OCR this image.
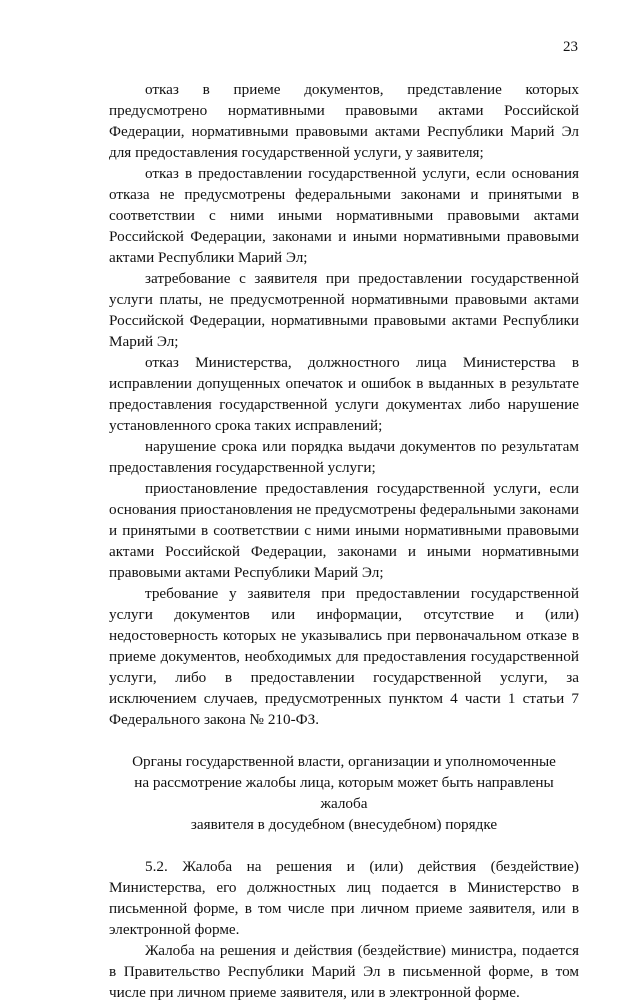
23

отказ в приеме документов, представление которых предусмотрено нормативными правовыми актами Российской Федерации, нормативными правовыми актами Республики Марий Эл для предоставления государственной услуги, у заявителя;

отказ в предоставлении государственной услуги, если основания отказа не предусмотрены федеральными законами и принятыми в соответствии с ними иными нормативными правовыми актами Российской Федерации, законами и иными нормативными правовыми актами Республики Марий Эл;

затребование с заявителя при предоставлении государственной услуги платы, не предусмотренной нормативными правовыми актами Российской Федерации, нормативными правовыми актами Республики Марий Эл;

отказ Министерства, должностного лица Министерства в исправлении допущенных опечаток и ошибок в выданных в результате предоставления государственной услуги документах либо нарушение установленного срока таких исправлений;

нарушение срока или порядка выдачи документов по результатам предоставления государственной услуги;

приостановление предоставления государственной услуги, если основания приостановления не предусмотрены федеральными законами и принятыми в соответствии с ними иными нормативными правовыми актами Российской Федерации, законами и иными нормативными правовыми актами Республики Марий Эл;

требование у заявителя при предоставлении государственной услуги документов или информации, отсутствие и (или) недостоверность которых не указывались при первоначальном отказе в приеме документов, необходимых для предоставления государственной услуги, либо в предоставлении государственной услуги, за исключением случаев, предусмотренных пунктом 4 части 1 статьи 7 Федерального закона № 210-ФЗ.

Органы государственной власти, организации и уполномоченные
на рассмотрение жалобы лица, которым может быть направлены жалоба
заявителя в досудебном (внесудебном) порядке

5.2. Жалоба на решения и (или) действия (бездействие) Министерства, его должностных лиц подается в Министерство в письменной форме, в том числе при личном приеме заявителя, или в электронной форме.

Жалоба на решения и действия (бездействие) министра, подается в Правительство Республики Марий Эл в письменной форме, в том числе при личном приеме заявителя, или в электронной форме.
